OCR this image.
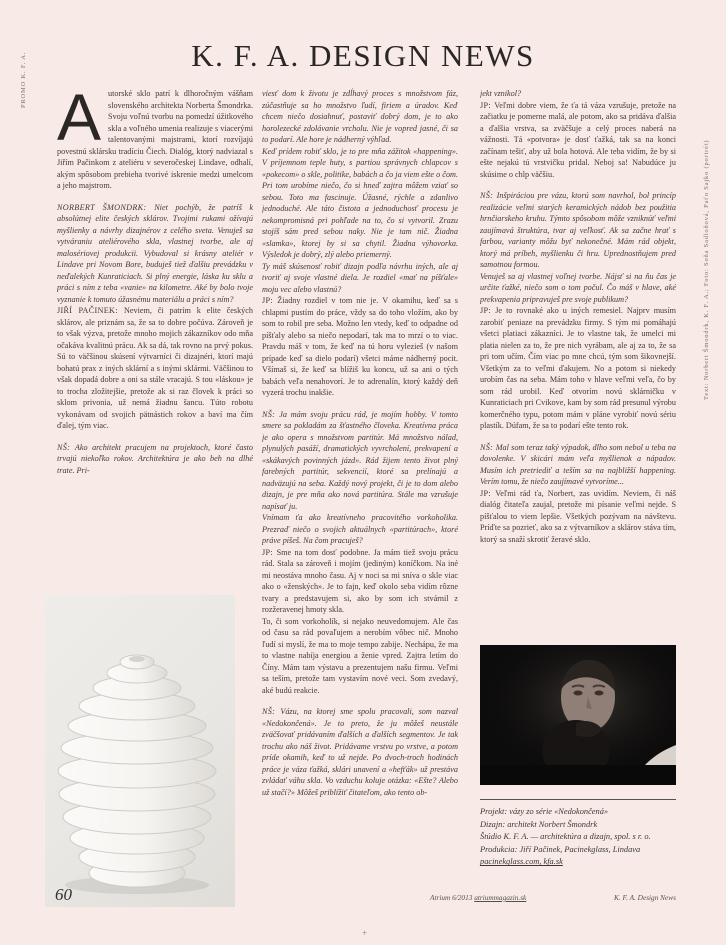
PROMO K. F. A.
Text: Norbert Šmondrk, K. F. A.; Foto: Soňa Sadloňová, Paťo Sajko (portrét)
K. F. A. DESIGN NEWS

Autorské sklo patrí k dlhoročným vášňam slovenského architekta Norberta Šmondrka. Svoju voľnú tvorbu na pomedzí úžitkového skla a voľného umenia realizuje s viacerými talentovanými majstrami, ktorí rozvíjajú povestnú sklársku tradíciu Čiech. Dialóg, ktorý nadviazal s Jiřím Pačinkom z ateliéru v severočeskej Lindave, odhalí, akým spôsobom prebieha tvorivé iskrenie medzi umelcom a jeho majstrom.

NORBERT ŠMONDRK: Niet pochýb, že patríš k absolútnej elite českých sklárov. Tvojimi rukami ožívajú myšlienky a návrhy dizajnérov z celého sveta. Venuješ sa vytváraniu ateliérového skla, vlastnej tvorbe, ale aj malosériovej produkcii. Vybudoval si krásny ateliér v Lindave pri Novom Bore, buduješ tiež ďalšiu prevádzku v neďalekých Kunraticiach. Si plný energie, láska ku sklu a práci s ním z teba «vanie» na kilometre. Aké by bolo tvoje vyznanie k tomuto úžasnému materiálu a práci s ním?

JIŘÍ PAČINEK: Neviem, či patrím k elite českých sklárov, ale priznám sa, že sa to dobre počúva. Zároveň je to však výzva, pretože mnoho mojich zákazníkov odo mňa očakáva kvalitnú prácu. Ak sa dá, tak rovno na prvý pokus. Sú to väčšinou skúsení výtvarníci či dizajnéri, ktorí majú bohatú prax z iných sklární a s inými sklármi. Väčšinou to však dopadá dobre a oni sa stále vracajú. S tou «láskou» je to trocha zložitejšie, pretože ak si raz človek k práci so sklom privonia, už nemá žiadnu šancu. Túto robotu vykonávam od svojich pätnástich rokov a baví ma čím ďalej, tým viac.

NŠ: Ako architekt pracujem na projektoch, ktoré často trvajú niekoľko rokov. Architektúra je ako beh na dlhé trate. Pri-

viesť dom k životu je zdĺhavý proces s množstvom fáz, zúčastňuje sa ho množstvo ľudí, firiem a úradov. Keď chcem niečo dosiahnuť, postaviť dobrý dom, je to ako horolezecké zdolávanie vrcholu. Nie je vopred jasné, či sa to podarí. Ale hore je nádherný výhľad.

Keď prídem robiť sklo, je to pre mňa zážitok «happening». V príjemnom teple huty, s partiou správnych chlapcov s «pokecom» o skle, politike, babách a čo ja viem ešte o čom. Pri tom urobíme niečo, čo si hneď zajtra môžem vziať so sebou. Toto ma fascinuje. Úžasné, rýchle a zdanlivo jednoduché. Ale táto čistota a jednoduchosť procesu je nekompromisná pri pohľade na to, čo si vytvoril. Zrazu stojíš sám pred sebou naky. Nie je tam nič. Žiadna «slamka», ktorej by si sa chytil. Žiadna výhovorka. Výsledok je dobrý, zlý alebo priemerný.

Ty máš skúsenosť robiť dizajn podľa návrhu iných, ale aj tvoriť aj svoje vlastné diela. Je rozdiel «mať na píšťale» moju vec alebo vlastnú?

JP: Žiadny rozdiel v tom nie je. V okamihu, keď sa s chlapmi pustím do práce, vždy sa do toho vložím, ako by som to robil pre seba. Možno len vtedy, keď to odpadne od píšťaly alebo sa niečo nepodarí, tak ma to mrzí o to viac. Pravdu máš v tom, že keď na tú horu vylezieš (v našom prípade keď sa dielo podarí) všetci máme nádherný pocit. Všímaš si, že keď sa blížiš ku koncu, už sa ani o tých babách veľa nenahovorí. Je to adrenalín, ktorý každý deň vyzerá trochu inakšie.

NŠ: Ja mám svoju prácu rád, je mojím hobby. V tomto smere sa pokladám za šťastného človeka. Kreatívna práca je ako opera s množstvom partitúr. Má množstvo nálad, plynulých pasáží, dramatických vyvrcholení, prekvapení a «skákavých povinných jázd». Rád žijem tento život plný farebných partitúr, sekvencií, ktoré sa prelínajú a nadväzujú na seba. Každý nový projekt, či je to dom alebo dizajn, je pre mňa ako nová partitúra. Stále ma vzrušuje napísať ju.

Vnímam ťa ako kreatívneho pracovitého vorkoholika. Prezraď niečo o svojich aktuálnych «partitúrach», ktoré práve píšeš. Na čom pracuješ?

JP: Sme na tom dosť podobne. Ja mám tiež svoju prácu rád. Stala sa zároveň i mojím (jediným) koníčkom. Na iné mi neostáva mnoho času. Aj v noci sa mi sníva o skle viac ako o «ženských». Je to fajn, keď okolo seba vidím rôzne tvary a predstavujem si, ako by som ich stvárnil z rozžeravenej hmoty skla.

To, či som vorkoholík, si nejako neuvedomujem. Ale čas od času sa rád povaľujem a nerobím vôbec nič. Mnoho ľudí si myslí, že ma to moje tempo zabije. Nechápu, že ma to vlastne nabíja energiou a ženie vpred. Zajtra letím do Číny. Mám tam výstavu a prezentujem našu firmu. Veľmi sa teším, pretože tam vystavím nové veci. Som zvedavý, aké budú reakcie.

NŠ: Vázu, na ktorej sme spolu pracovali, som nazval «Nedokončená». Je to preto, že ju môžeš neustále zväčšovať pridávaním ďalších a ďalších segmentov. Je tak trochu ako náš život. Pridávame vrstvu po vrstve, a potom príde okamih, keď to už nejde. Po dvoch-troch hodinách práce je váza ťažká, sklári unavení a «hefťák» už prestáva zvládať váhu skla. Vo vzduchu koluje otázka: «Ešte? Alebo už stačí?» Môžeš priblížiť čitateľom, ako tento ob-

jekt vznikol?

JP: Veľmi dobre viem, že ťa tá váza vzrušuje, pretože na začiatku je pomerne malá, ale potom, ako sa pridáva ďalšia a ďalšia vrstva, sa zväčšuje a celý proces naberá na vážnosti. Tá «potvora» je dosť ťažká, tak sa na konci začínam tešiť, aby už bola hotová. Ale teba vidím, že by si ešte nejakú tú vrstvičku pridal. Neboj sa! Nabudúce ju skúsime o chlp väčšiu.

NŠ: Inšpiráciou pre vázu, ktorú som navrhol, bol princíp realizácie veľmi starých keramických nádob bez použitia hrnčiarskeho kruhu. Týmto spôsobom môže vzniknúť veľmi zaujímavá štruktúra, tvar aj veľkosť. Ak sa začne hrať s farbou, varianty môžu byť nekonečné. Mám rád objekt, ktorý má príbeh, myšlienku či hru. Uprednostňujem pred samotnou formou.

Venuješ sa aj vlastnej voľnej tvorbe. Nájsť si na ňu čas je určite ťažké, niečo som o tom počul. Čo máš v hlave, aké prekvapenia pripravuješ pre svoje publikum?

JP: Je to rovnaké ako u iných remesiel. Najprv musím zarobiť peniaze na prevádzku firmy. S tým mi pomáhajú všetci platiaci zákazníci. Je to vlastne tak, že umelci mi platia nielen za to, že pre nich vyrábam, ale aj za to, že sa pri tom učím. Čím viac po mne chcú, tým som šikovnejší. Všetkým za to veľmi ďakujem. No a potom si niekedy urobím čas na seba. Mám toho v hlave veľmi veľa, čo by som rád urobil. Keď otvorím novú sklárničku v Kunraticiach pri Cvikove, kam by som rád presunul výrobu komerčného typu, potom mám v pláne vyrobiť novú sériu plastík. Dúfam, že sa to podarí ešte tento rok.

NŠ: Mal som teraz taký výpadok, dlho som nebol u teba na dovolenke. V skicári mám veľa myšlienok a nápadov. Musím ich pretriediť a teším sa na najbližší happening. Verím tomu, že niečo zaujímavé vytvoríme...

JP: Veľmi rád ťa, Norbert, zas uvidím. Neviem, či náš dialóg čitateľa zaujal, pretože mi písanie veľmi nejde. S píšťalou to viem lepšie. Všetkých pozývam na návštevu. Príďte sa pozrieť, ako sa z výtvarníkov a sklárov stáva tím, ktorý sa snaží skrotiť žeravé sklo.

Projekt: vázy zo série «Nedokončená»

Dizajn: architekt Norbert Šmondrk

Štúdio K. F. A. — architektúra a dizajn, spol. s r. o.

Produkcia: Jiří Pačinek, Pacinekglass, Lindava

pacinekglass.com, kfa.sk

60	Atrium 6/2013 atriummagazin.sk	K. F. A. Design News
+
